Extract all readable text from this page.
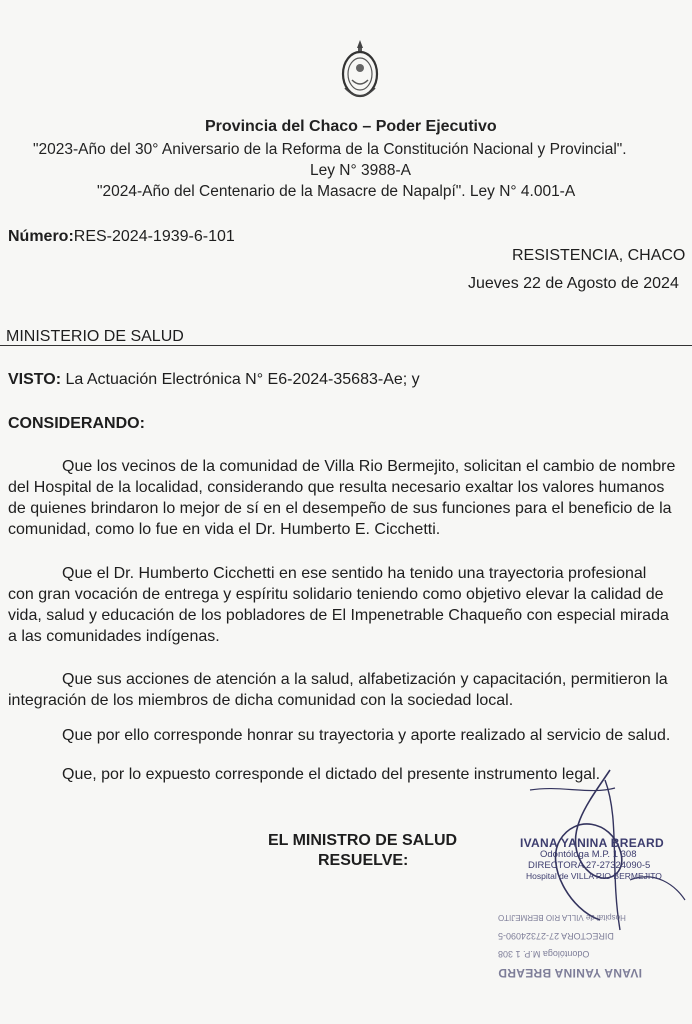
Provincia del Chaco – Poder Ejecutivo
"2023-Año del 30° Aniversario de la Reforma de la Constitución Nacional y Provincial".
Ley N° 3988-A
"2024-Año del Centenario de la Masacre de Napalpí". Ley N° 4.001-A
Número:RES-2024-1939-6-101
RESISTENCIA, CHACO
Jueves 22 de Agosto de 2024
MINISTERIO DE SALUD
VISTO: La Actuación Electrónica N° E6-2024-35683-Ae; y
CONSIDERANDO:
Que los vecinos de la comunidad de Villa Rio Bermejito, solicitan el cambio de nombre
del Hospital de la localidad, considerando que resulta necesario exaltar los valores humanos
de quienes brindaron lo mejor de sí en el desempeño de sus funciones para el beneficio de la
comunidad, como lo fue en vida el Dr. Humberto E. Cicchetti.
Que el Dr. Humberto Cicchetti en ese sentido ha tenido una trayectoria profesional
con gran vocación de entrega y espíritu solidario teniendo como objetivo elevar la calidad de
vida, salud y educación de los pobladores de El Impenetrable Chaqueño con especial mirada
a las comunidades indígenas.
Que sus acciones de atención a la salud, alfabetización y capacitación, permitieron la
integración de los miembros de dicha comunidad con la sociedad local.
Que por ello corresponde honrar su trayectoria y aporte realizado al servicio de salud.
Que, por lo expuesto corresponde el dictado del presente instrumento legal.
EL MINISTRO DE SALUD
RESUELVE:
IVANA YANINA BREARD
Odontóloga M.P. 1 308
DIRECTORA 27-27324090-5
Hospital de VILLA RIO BERMEJITO
IVANA YANINA BREARD
Odontóloga M.P. 1 308
DIRECTORA 27-27324090-5
Hospital de VILLA RIO BERMEJITO
